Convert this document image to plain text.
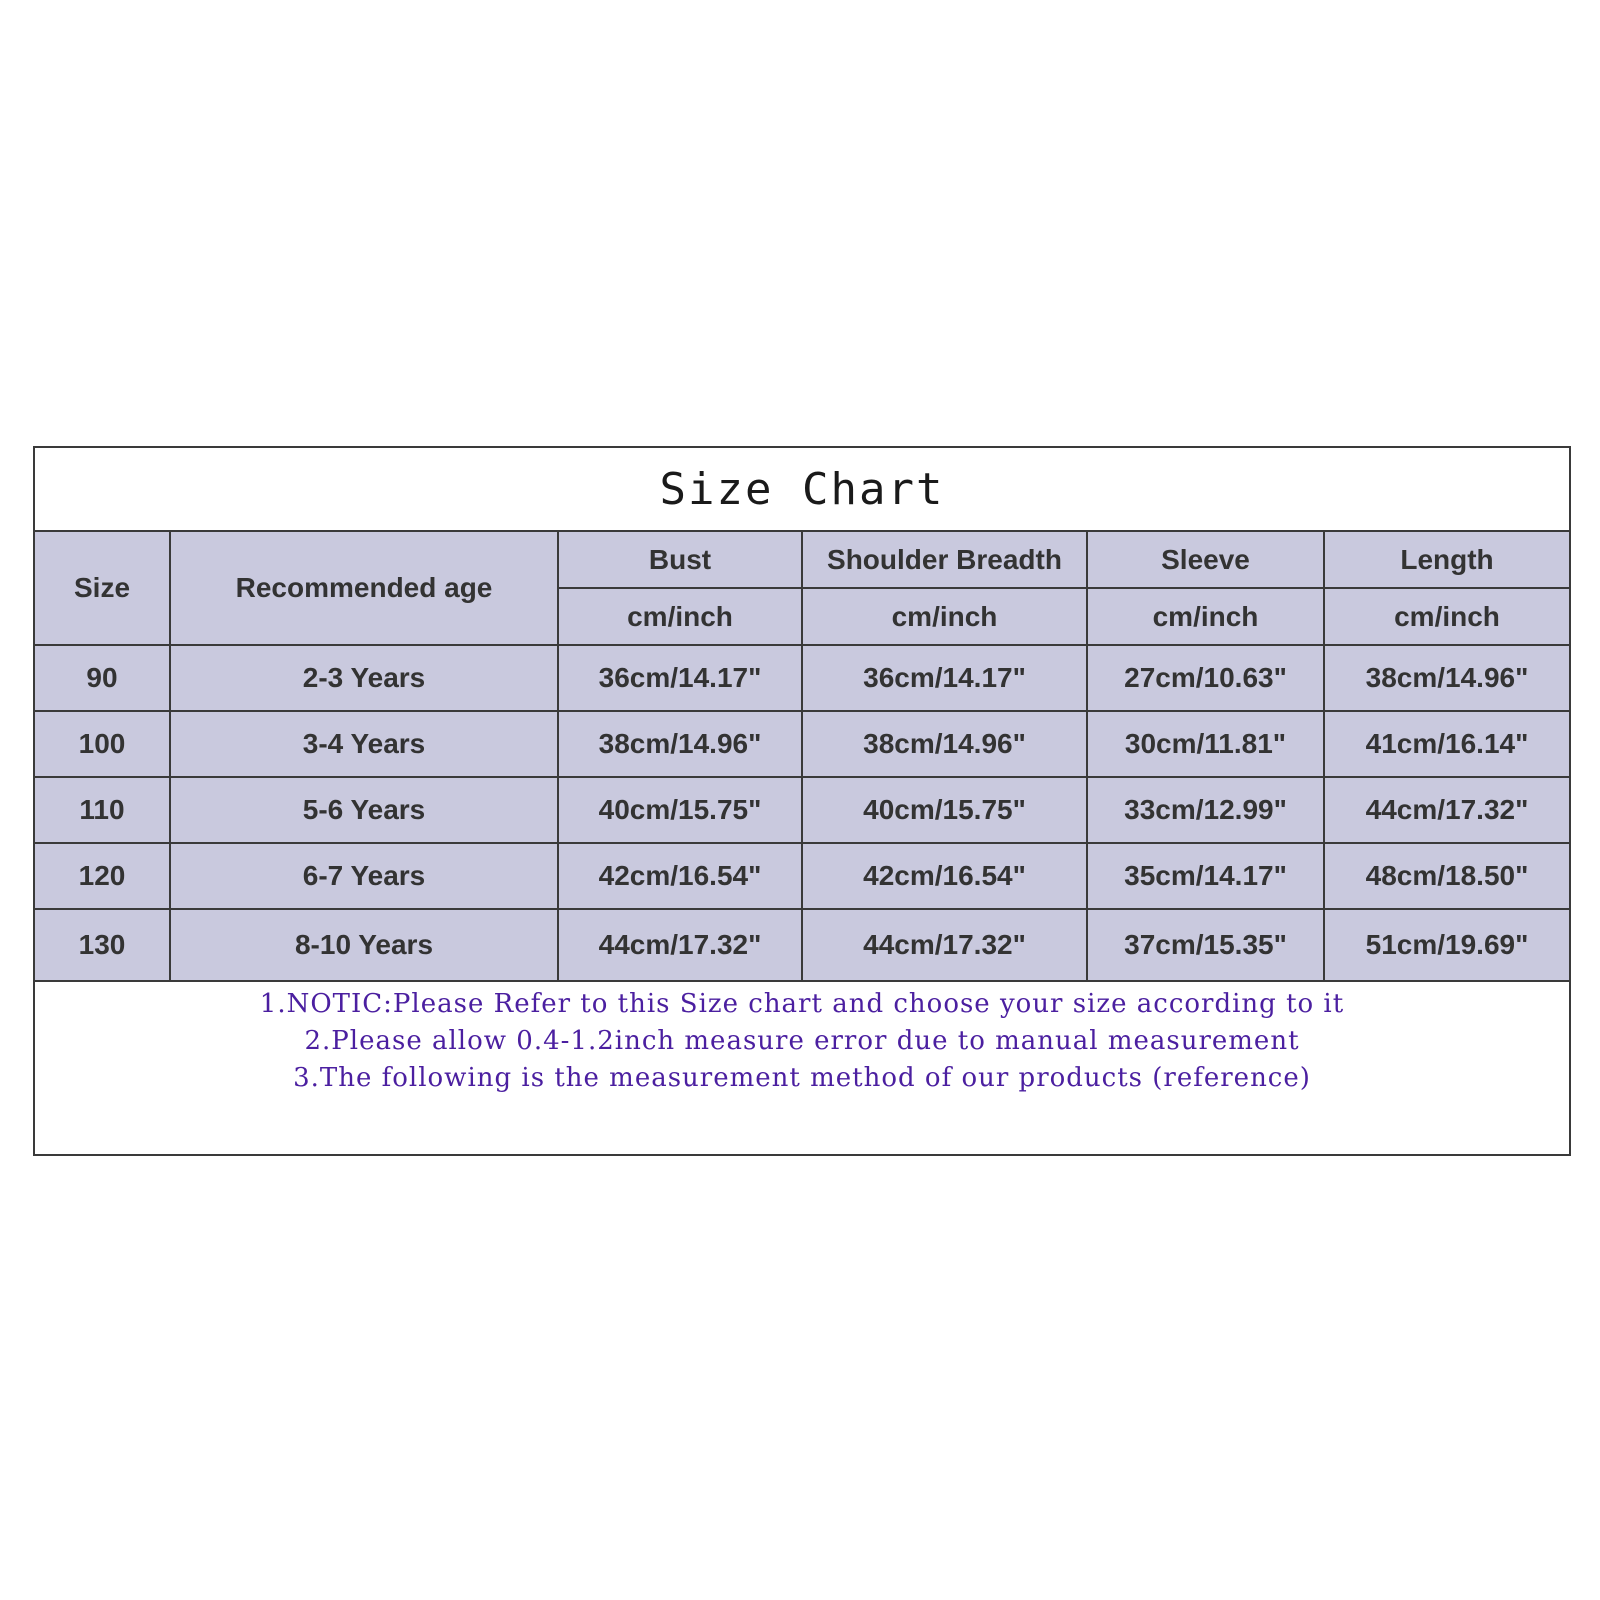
Size Chart
Size	Recommended age	Bust	Shoulder Breadth	Sleeve	Length
		cm/inch	cm/inch	cm/inch	cm/inch
90	2-3 Years	36cm/14.17"	36cm/14.17"	27cm/10.63"	38cm/14.96"
100	3-4 Years	38cm/14.96"	38cm/14.96"	30cm/11.81"	41cm/16.14"
110	5-6 Years	40cm/15.75"	40cm/15.75"	33cm/12.99"	44cm/17.32"
120	6-7 Years	42cm/16.54"	42cm/16.54"	35cm/14.17"	48cm/18.50"
130	8-10 Years	44cm/17.32"	44cm/17.32"	37cm/15.35"	51cm/19.69"
1.NOTIC:Please Refer to this Size chart and choose your size according to it
2.Please allow 0.4-1.2inch measure error due to manual measurement
3.The following is the measurement method of our products (reference)
